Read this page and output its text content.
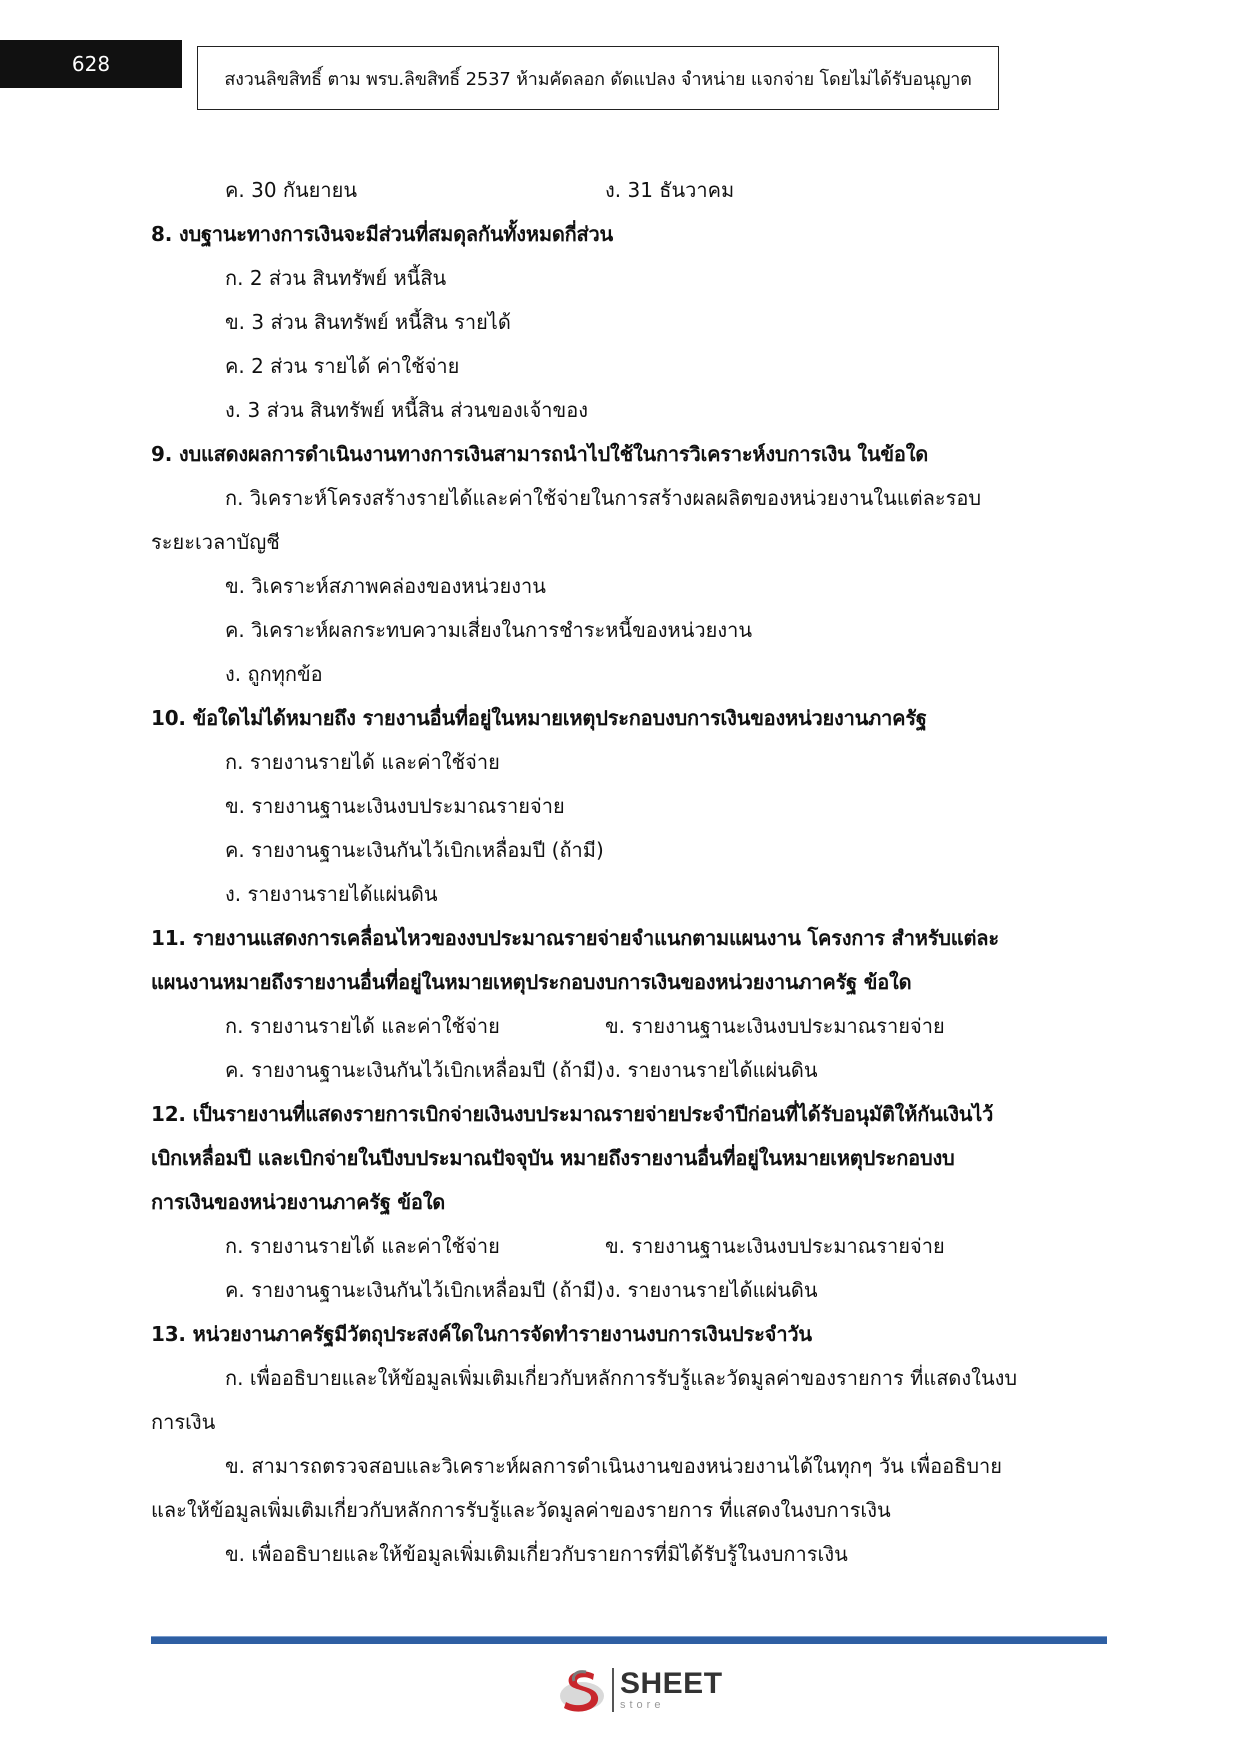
628
สงวนลิขสิทธิ์ ตาม พรบ.ลิขสิทธิ์ 2537 ห้ามคัดลอก ดัดแปลง จำหน่าย แจกจ่าย โดยไม่ได้รับอนุญาต
ค. 30 กันยายน	ง. 31 ธันวาคม
8. งบฐานะทางการเงินจะมีส่วนที่สมดุลกันทั้งหมดกี่ส่วน
ก. 2 ส่วน สินทรัพย์ หนี้สิน
ข. 3 ส่วน สินทรัพย์ หนี้สิน รายได้
ค. 2 ส่วน รายได้ ค่าใช้จ่าย
ง. 3 ส่วน สินทรัพย์ หนี้สิน ส่วนของเจ้าของ
9. งบแสดงผลการดำเนินงานทางการเงินสามารถนำไปใช้ในการวิเคราะห์งบการเงิน ในข้อใด
ก. วิเคราะห์โครงสร้างรายได้และค่าใช้จ่ายในการสร้างผลผลิตของหน่วยงานในแต่ละรอบ
ระยะเวลาบัญชี
ข. วิเคราะห์สภาพคล่องของหน่วยงาน
ค. วิเคราะห์ผลกระทบความเสี่ยงในการชำระหนี้ของหน่วยงาน
ง. ถูกทุกข้อ
10. ข้อใดไม่ได้หมายถึง รายงานอื่นที่อยู่ในหมายเหตุประกอบงบการเงินของหน่วยงานภาครัฐ
ก. รายงานรายได้ และค่าใช้จ่าย
ข. รายงานฐานะเงินงบประมาณรายจ่าย
ค. รายงานฐานะเงินกันไว้เบิกเหลื่อมปี (ถ้ามี)
ง. รายงานรายได้แผ่นดิน
11. รายงานแสดงการเคลื่อนไหวของงบประมาณรายจ่ายจำแนกตามแผนงาน โครงการ สำหรับแต่ละ
แผนงานหมายถึงรายงานอื่นที่อยู่ในหมายเหตุประกอบงบการเงินของหน่วยงานภาครัฐ ข้อใด
ก. รายงานรายได้ และค่าใช้จ่าย	ข. รายงานฐานะเงินงบประมาณรายจ่าย
ค. รายงานฐานะเงินกันไว้เบิกเหลื่อมปี (ถ้ามี) ง. รายงานรายได้แผ่นดิน
12. เป็นรายงานที่แสดงรายการเบิกจ่ายเงินงบประมาณรายจ่ายประจำปีก่อนที่ได้รับอนุมัติให้กันเงินไว้
เบิกเหลื่อมปี และเบิกจ่ายในปีงบประมาณปัจจุบัน หมายถึงรายงานอื่นที่อยู่ในหมายเหตุประกอบงบ
การเงินของหน่วยงานภาครัฐ ข้อใด
ก. รายงานรายได้ และค่าใช้จ่าย	ข. รายงานฐานะเงินงบประมาณรายจ่าย
ค. รายงานฐานะเงินกันไว้เบิกเหลื่อมปี (ถ้ามี) ง. รายงานรายได้แผ่นดิน
13. หน่วยงานภาครัฐมีวัตถุประสงค์ใดในการจัดทำรายงานงบการเงินประจำวัน
ก. เพื่ออธิบายและให้ข้อมูลเพิ่มเติมเกี่ยวกับหลักการรับรู้และวัดมูลค่าของรายการ ที่แสดงในงบ
การเงิน
ข. สามารถตรวจสอบและวิเคราะห์ผลการดำเนินงานของหน่วยงานได้ในทุกๆ วัน เพื่ออธิบาย
และให้ข้อมูลเพิ่มเติมเกี่ยวกับหลักการรับรู้และวัดมูลค่าของรายการ ที่แสดงในงบการเงิน
ข. เพื่ออธิบายและให้ข้อมูลเพิ่มเติมเกี่ยวกับรายการที่มิได้รับรู้ในงบการเงิน
SHEET
store
